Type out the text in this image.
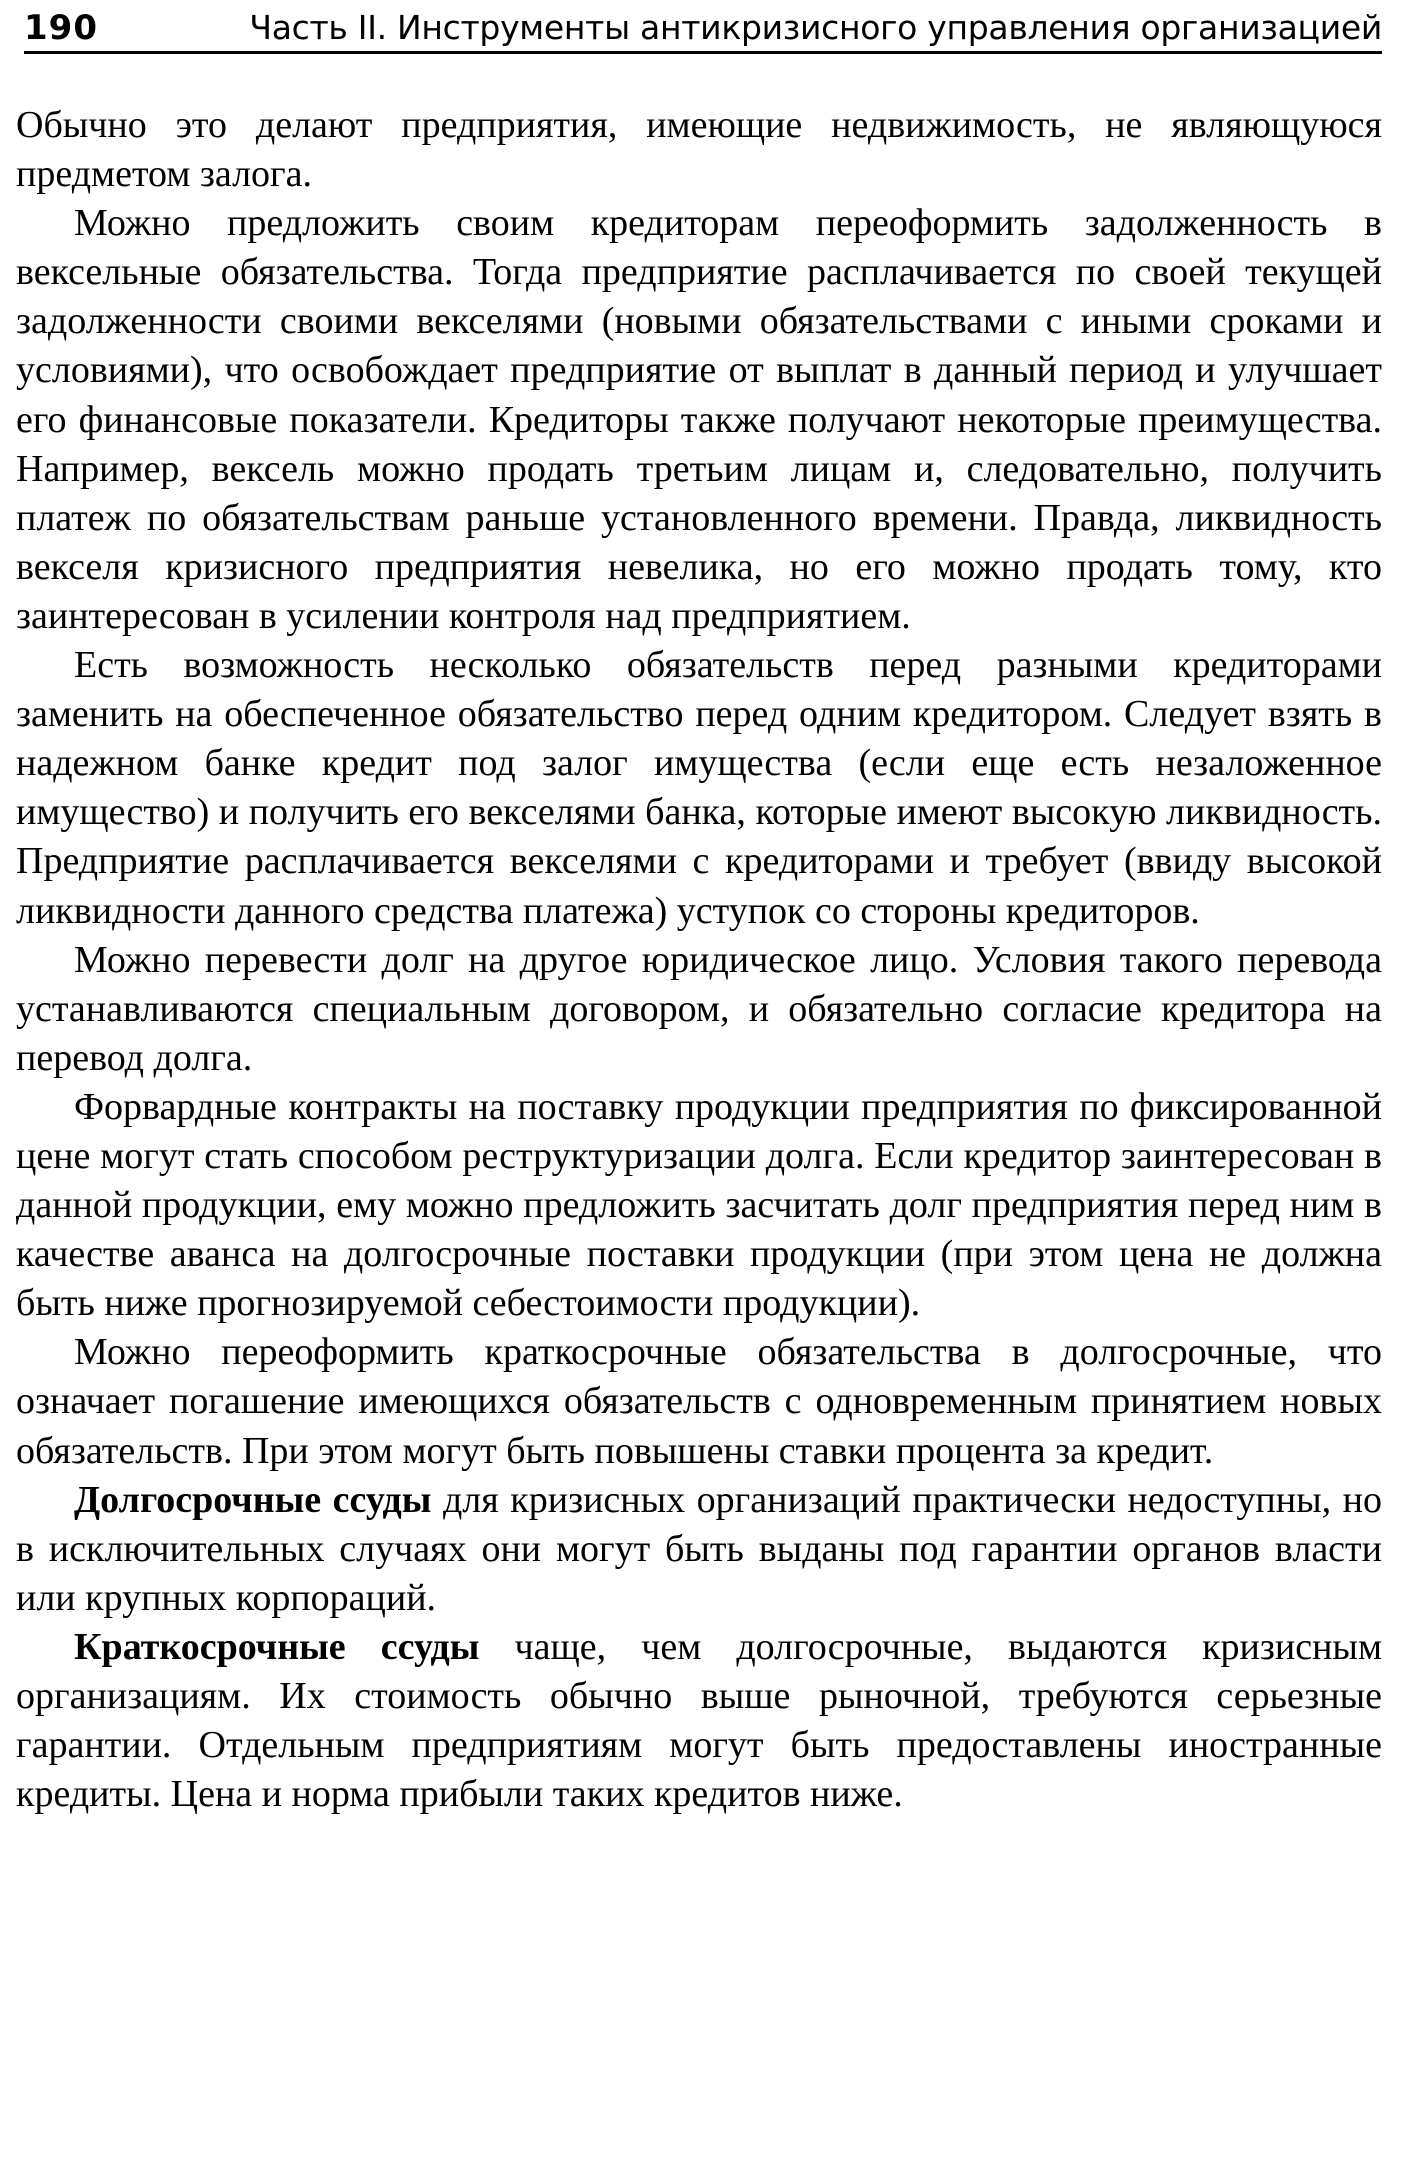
190	Часть II. Инструменты антикризисного управления организацией

Обычно это делают предприятия, имеющие недвижимость, не являющуюся предметом залога.

Можно предложить своим кредиторам переоформить задолженность в вексельные обязательства. Тогда предприятие расплачивается по своей текущей задолженности своими векселями (новыми обязательствами с иными сроками и условиями), что освобождает предприятие от выплат в данный период и улучшает его финансовые показатели. Кредиторы также получают некоторые преимущества. Например, вексель можно продать третьим лицам и, следовательно, получить платеж по обязательствам раньше установленного времени. Правда, ликвидность векселя кризисного предприятия невелика, но его можно продать тому, кто заинтересован в усилении контроля над предприятием.

Есть возможность несколько обязательств перед разными кредиторами заменить на обеспеченное обязательство перед одним кредитором. Следует взять в надежном банке кредит под залог имущества (если еще есть незаложенное имущество) и получить его векселями банка, которые имеют высокую ликвидность. Предприятие расплачивается векселями с кредиторами и требует (ввиду высокой ликвидности данного средства платежа) уступок со стороны кредиторов.

Можно перевести долг на другое юридическое лицо. Условия такого перевода устанавливаются специальным договором, и обязательно согласие кредитора на перевод долга.

Форвардные контракты на поставку продукции предприятия по фиксированной цене могут стать способом реструктуризации долга. Если кредитор заинтересован в данной продукции, ему можно предложить засчитать долг предприятия перед ним в качестве аванса на долгосрочные поставки продукции (при этом цена не должна быть ниже прогнозируемой себестоимости продукции).

Можно переоформить краткосрочные обязательства в долгосрочные, что означает погашение имеющихся обязательств с одновременным принятием новых обязательств. При этом могут быть повышены ставки процента за кредит.

Долгосрочные ссуды для кризисных организаций практически недоступны, но в исключительных случаях они могут быть выданы под гарантии органов власти или крупных корпораций.

Краткосрочные ссуды чаще, чем долгосрочные, выдаются кризисным организациям. Их стоимость обычно выше рыночной, требуются серьезные гарантии. Отдельным предприятиям могут быть предоставлены иностранные кредиты. Цена и норма прибыли таких кредитов ниже.
